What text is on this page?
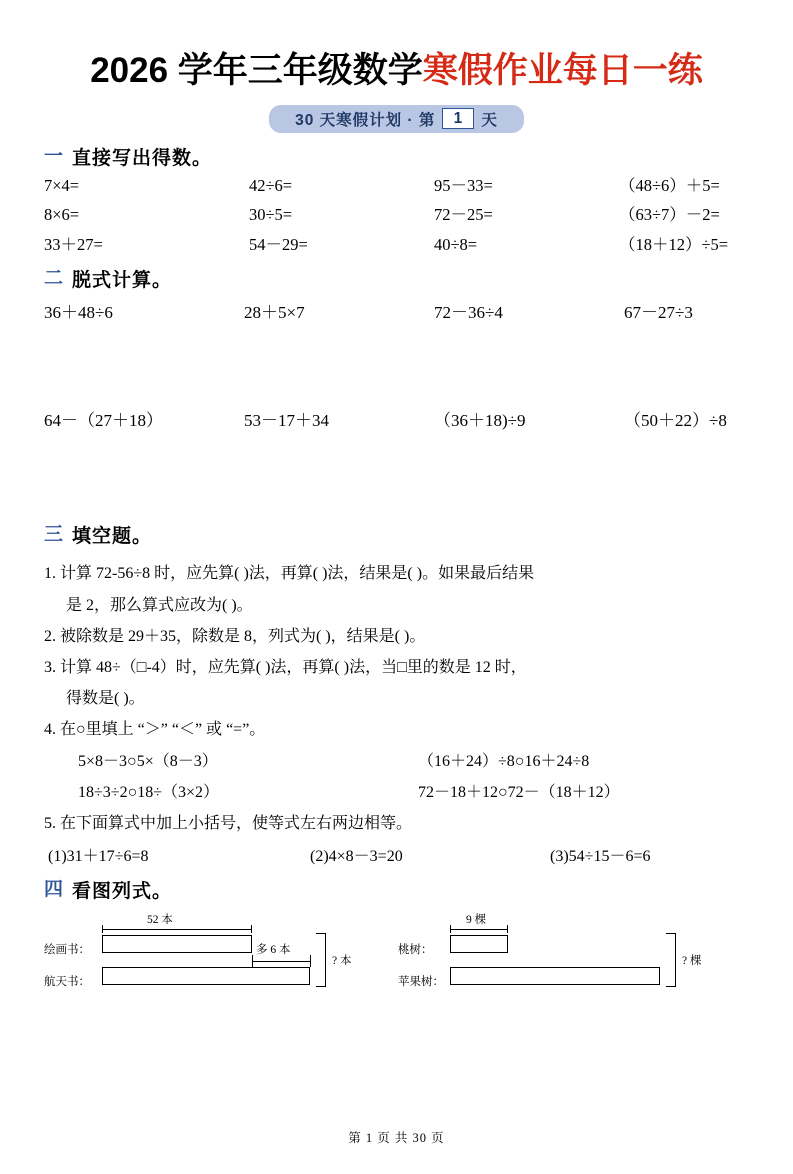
2026 学年三年级数学寒假作业每日一练
30 天寒假计划 · 第	1	天
一 直接写出得数。
7×4=	42÷6=	95－33=	（48÷6）＋5=
8×6=	30÷5=	72－25=	（63÷7）－2=
33＋27=	54－29=	40÷8=	（18＋12）÷5=
二 脱式计算。
36＋48÷6	28＋5×7	72－36÷4	67－27÷3
64－（27＋18）	53－17＋34	（36＋18)÷9	（50＋22）÷8
三 填空题。

1. 计算 72-56÷8 时，应先算( )法，再算( )法，结果是( )。如果最后结果

是 2，那么算式应改为( )。

2. 被除数是 29＋35，除数是 8，列式为( )，结果是( )。

3. 计算 48÷（□-4）时，应先算( )法，再算( )法，当□里的数是 12 时，

得数是( )。

4. 在○里填上 “＞” “＜” 或 “=”。

5×8－3○5×（8－3）	（16＋24）÷8○16＋24÷8
18÷3÷2○18÷（3×2）	72－18＋12○72－（18＋12）

5. 在下面算式中加上小括号，使等式左右两边相等。

(1)31＋17÷6=8	(2)4×8－3=20	(3)54÷15－6=6
四 看图列式。
52 本
绘画书：
航天书：
多 6 本
? 本
9 棵
桃树：
苹果树：
? 棵
第 1 页 共 30 页
